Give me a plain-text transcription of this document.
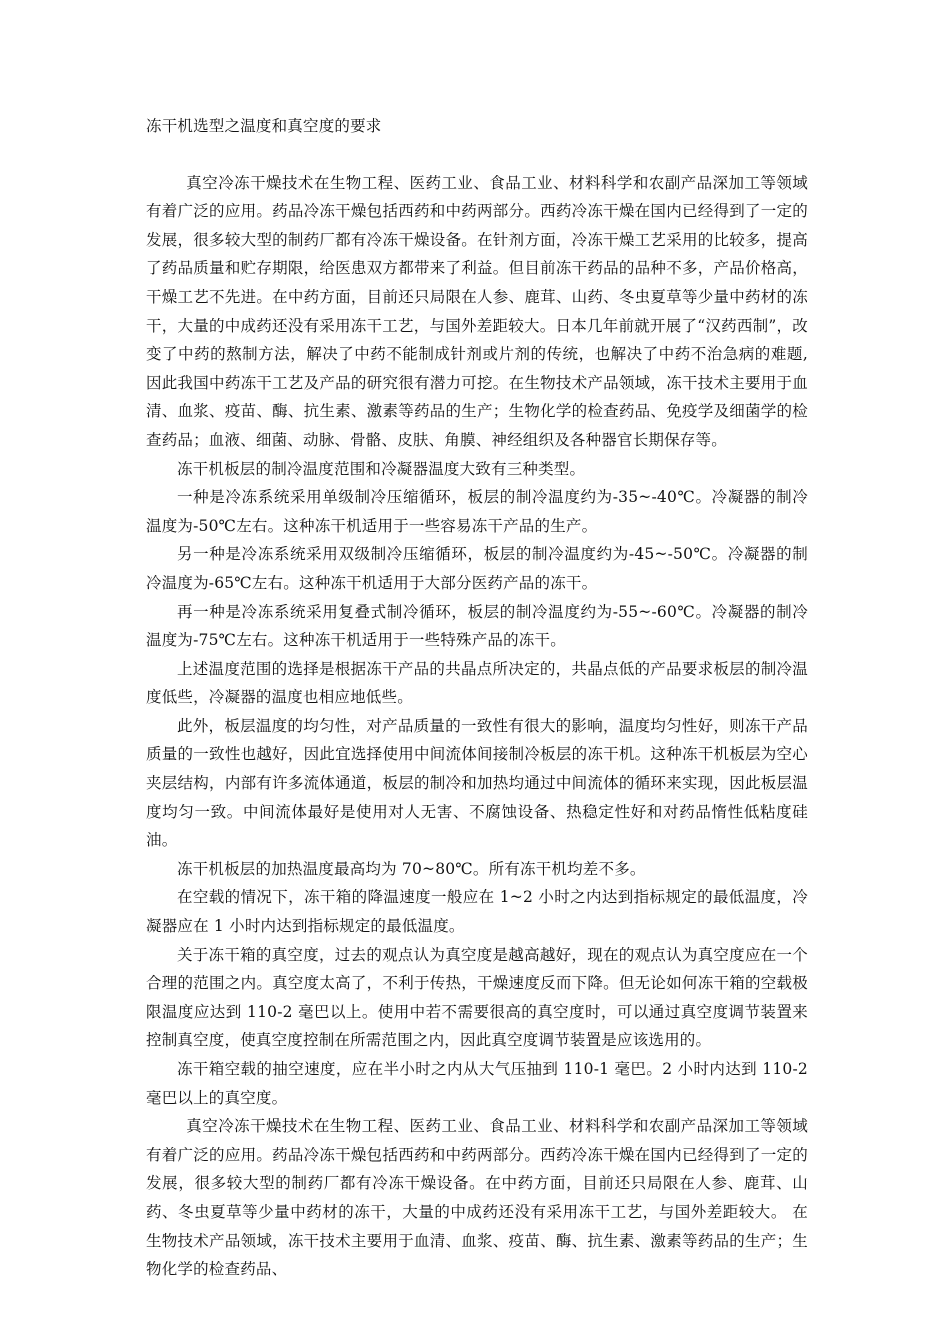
冻干机选型之温度和真空度的要求

真空冷冻干燥技术在生物工程、医药工业、食品工业、材料科学和农副产品深加工等领域有着广泛的应用。药品冷冻干燥包括西药和中药两部分。西药冷冻干燥在国内已经得到了一定的发展，很多较大型的制药厂都有冷冻干燥设备。在针剂方面，冷冻干燥工艺采用的比较多，提高了药品质量和贮存期限，给医患双方都带来了利益。但目前冻干药品的品种不多，产品价格高，干燥工艺不先进。在中药方面，目前还只局限在人参、鹿茸、山药、冬虫夏草等少量中药材的冻干，大量的中成药还没有采用冻干工艺，与国外差距较大。日本几年前就开展了“汉药西制”，改变了中药的熬制方法，解决了中药不能制成针剂或片剂的传统，也解决了中药不治急病的难题,因此我国中药冻干工艺及产品的研究很有潜力可挖。在生物技术产品领域，冻干技术主要用于血清、血浆、疫苗、酶、抗生素、激素等药品的生产；生物化学的检查药品、免疫学及细菌学的检查药品；血液、细菌、动脉、骨骼、皮肤、角膜、神经组织及各种器官长期保存等。

冻干机板层的制冷温度范围和冷凝器温度大致有三种类型。

一种是冷冻系统采用单级制冷压缩循环，板层的制冷温度约为-35~-40℃。冷凝器的制冷温度为-50℃左右。这种冻干机适用于一些容易冻干产品的生产。

另一种是冷冻系统采用双级制冷压缩循环，板层的制冷温度约为-45~-50℃。冷凝器的制冷温度为-65℃左右。这种冻干机适用于大部分医药产品的冻干。

再一种是冷冻系统采用复叠式制冷循环，板层的制冷温度约为-55~-60℃。冷凝器的制冷温度为-75℃左右。这种冻干机适用于一些特殊产品的冻干。

上述温度范围的选择是根据冻干产品的共晶点所决定的，共晶点低的产品要求板层的制冷温度低些，冷凝器的温度也相应地低些。

此外，板层温度的均匀性，对产品质量的一致性有很大的影响，温度均匀性好，则冻干产品质量的一致性也越好，因此宜选择使用中间流体间接制冷板层的冻干机。这种冻干机板层为空心夹层结构，内部有许多流体通道，板层的制冷和加热均通过中间流体的循环来实现，因此板层温度均匀一致。中间流体最好是使用对人无害、不腐蚀设备、热稳定性好和对药品惰性低粘度硅油。

冻干机板层的加热温度最高均为 70~80℃。所有冻干机均差不多。

在空载的情况下，冻干箱的降温速度一般应在 1~2 小时之内达到指标规定的最低温度，冷凝器应在 1 小时内达到指标规定的最低温度。

关于冻干箱的真空度，过去的观点认为真空度是越高越好，现在的观点认为真空度应在一个合理的范围之内。真空度太高了，不利于传热，干燥速度反而下降。但无论如何冻干箱的空载极限温度应达到 110-2 毫巴以上。使用中若不需要很高的真空度时，可以通过真空度调节装置来控制真空度，使真空度控制在所需范围之内，因此真空度调节装置是应该选用的。

冻干箱空载的抽空速度，应在半小时之内从大气压抽到 110-1 毫巴。2 小时内达到 110-2 毫巴以上的真空度。

真空冷冻干燥技术在生物工程、医药工业、食品工业、材料科学和农副产品深加工等领域有着广泛的应用。药品冷冻干燥包括西药和中药两部分。西药冷冻干燥在国内已经得到了一定的发展，很多较大型的制药厂都有冷冻干燥设备。在中药方面，目前还只局限在人参、鹿茸、山药、冬虫夏草等少量中药材的冻干，大量的中成药还没有采用冻干工艺，与国外差距较大。 在生物技术产品领域，冻干技术主要用于血清、血浆、疫苗、酶、抗生素、激素等药品的生产；生物化学的检查药品、
